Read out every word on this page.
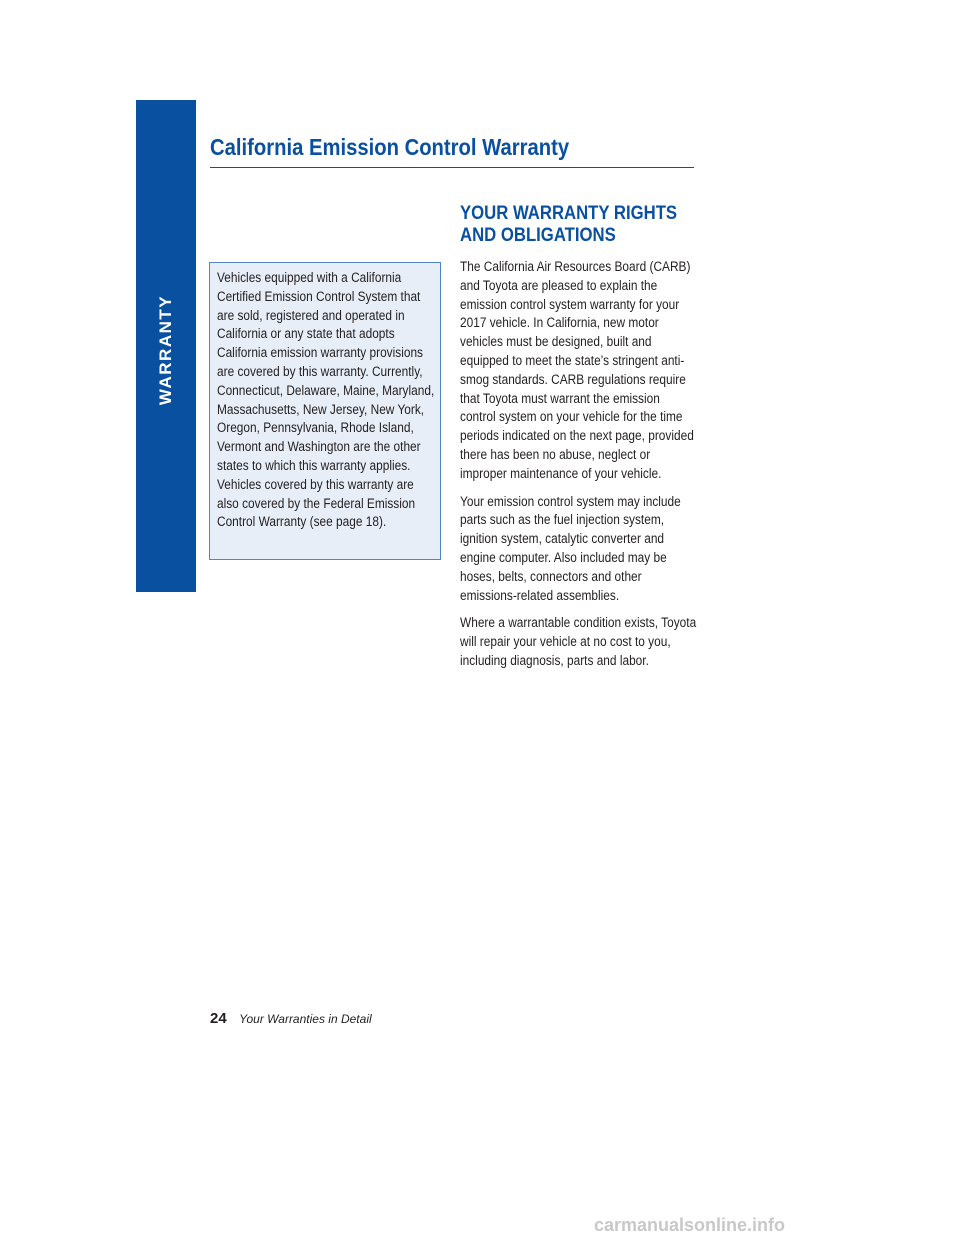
WARRANTY
California Emission Control Warranty

Vehicles equipped with a California Certified Emission Control System that are sold, registered and operated in California or any state that adopts California emission warranty provisions are covered by this warranty. Currently, Connecticut, Delaware, Maine, Maryland, Massachusetts, New Jersey, New York, Oregon, Pennsylvania, Rhode Island, Vermont and Washington are the other states to which this warranty applies. Vehicles covered by this warranty are also covered by the Federal Emission Control Warranty (see page 18).

YOUR WARRANTY RIGHTS AND OBLIGATIONS

The California Air Resources Board (CARB) and Toyota are pleased to explain the emission control system warranty for your 2017 vehicle. In California, new motor vehicles must be designed, built and equipped to meet the state’s stringent anti-smog standards. CARB regulations require that Toyota must warrant the emission control system on your vehicle for the time periods indicated on the next page, provided there has been no abuse, neglect or improper maintenance of your vehicle.

Your emission control system may include parts such as the fuel injection system, ignition system, catalytic converter and engine computer. Also included may be hoses, belts, connectors and other emissions-related assemblies.

Where a warrantable condition exists, Toyota will repair your vehicle at no cost to you, including diagnosis, parts and labor.

24 Your Warranties in Detail
carmanualsonline.info
